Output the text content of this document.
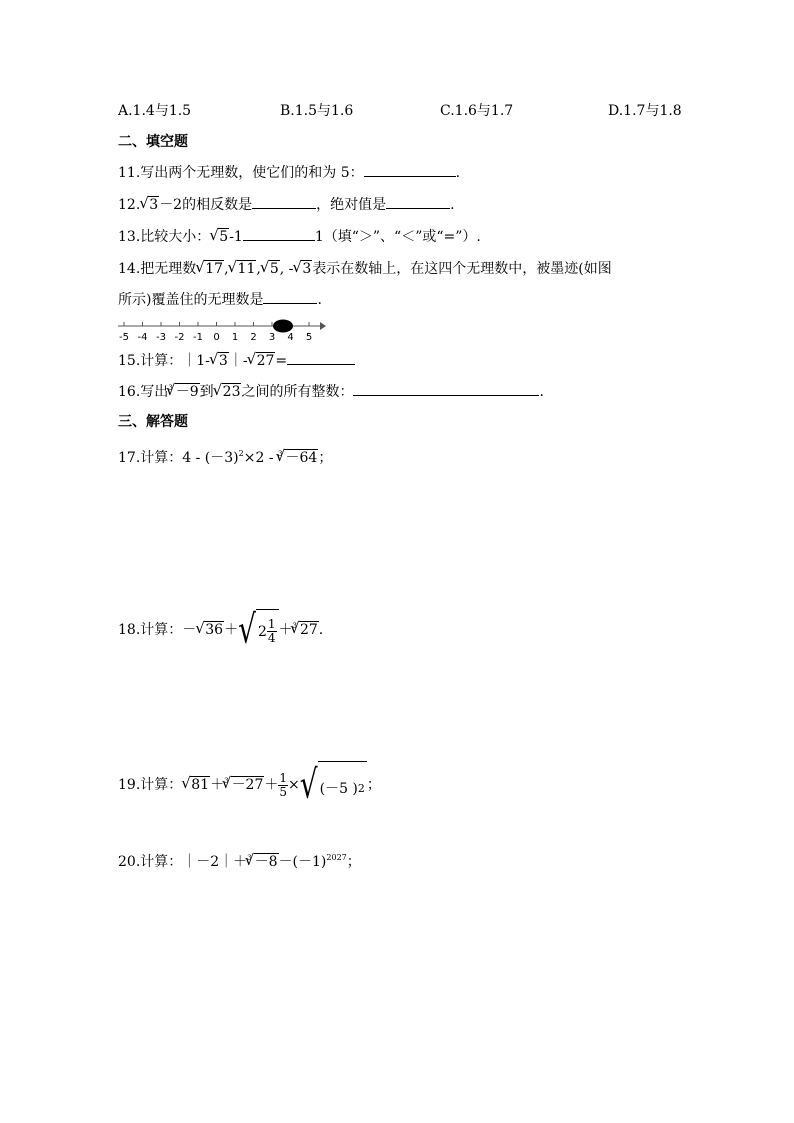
A.1.4与1.5	B.1.5与1.6	C.1.6与1.7	D.1.7与1.8
二、填空题
11.写出两个无理数，使它们的和为 5：	.
12.√ 3－2的相反数是	，绝对值是	.
13.比较大小：√ 5-1	1（填“＞”、“＜”或“=”）.
14.把无理数√ 17,√ 11,√ 5, -√ 3表示在数轴上，在这四个无理数中，被墨迹(如图
所示)覆盖住的无理数是	.
-5 -4 -3 -2 -1 0 1 2 3 4 5
15.计算：｜1-√ 3｜-√ 27=
16.写出$^3$√ －9到√ 23之间的所有整数：	.
三、解答题
17.计算：$4 - (-3)^2\times 2 - ^3√ -64$；
18.计算：－√ 36＋ √ $2 \frac{1}{4} +^3√$ 27.
19.计算：√ $81+^3√ -27+ \frac{1}{5}$ × √ (－5 ) 2 ；
20.计算：｜－2｜＋$^3$√ $-8-(-1)^{2027}$；
